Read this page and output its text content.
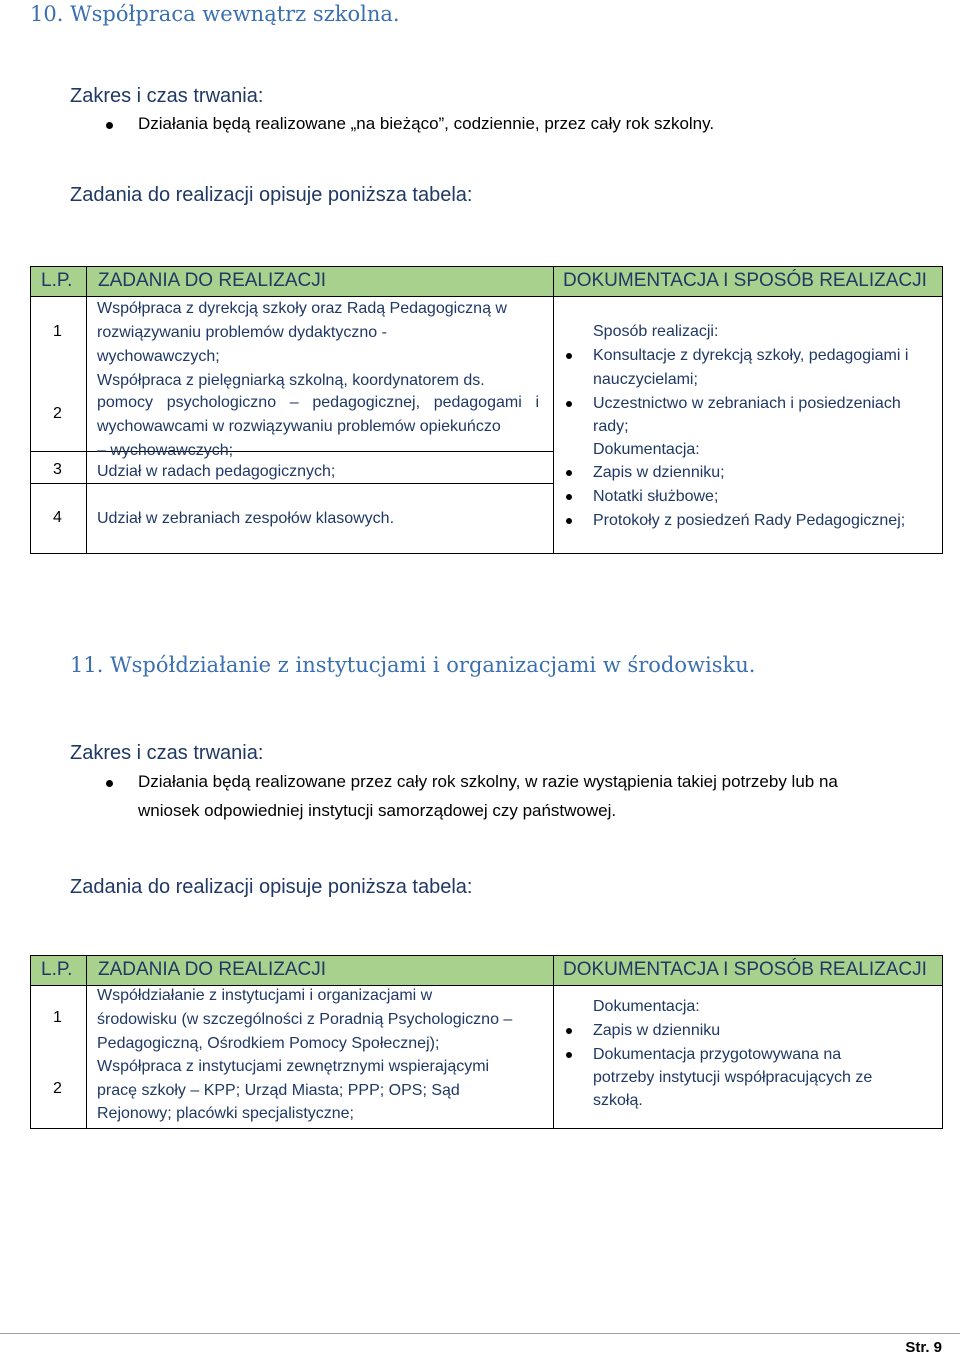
10. Współpraca wewnątrz szkolna.
Zakres i czas trwania:
Działania będą realizowane „na bieżąco”, codziennie, przez cały rok szkolny.
Zadania do realizacji opisuje poniższa tabela:
L.P. ZADANIA DO REALIZACJI	DOKUMENTACJA I SPOSÓB REALIZACJI
1
Współpraca z dyrekcją szkoły oraz Radą Pedagogiczną w
rozwiązywaniu problemów dydaktyczno -
wychowawczych;
2
Współpraca z pielęgniarką szkolną, koordynatorem ds.
pomocy psychologiczno – pedagogicznej, pedagogami i
wychowawcami w rozwiązywaniu problemów opiekuńczo
– wychowawczych;
3 Udział w radach pedagogicznych;
4 Udział w zebraniach zespołów klasowych.
Sposób realizacji:
Konsultacje z dyrekcją szkoły, pedagogiami i
nauczycielami;
Uczestnictwo w zebraniach i posiedzeniach
rady;
Dokumentacja:
Zapis w dzienniku;
Notatki służbowe;
Protokoły z posiedzeń Rady Pedagogicznej;
11. Współdziałanie z instytucjami i organizacjami w środowisku.
Zakres i czas trwania:
Działania będą realizowane przez cały rok szkolny, w razie wystąpienia takiej potrzeby lub na
wniosek odpowiedniej instytucji samorządowej czy państwowej.
Zadania do realizacji opisuje poniższa tabela:
L.P. ZADANIA DO REALIZACJI	DOKUMENTACJA I SPOSÓB REALIZACJI
1
Współdziałanie z instytucjami i organizacjami w
środowisku (w szczególności z Poradnią Psychologiczno –
Pedagogiczną, Ośrodkiem Pomocy Społecznej);
2
Współpraca z instytucjami zewnętrznymi wspierającymi
pracę szkoły – KPP; Urząd Miasta; PPP; OPS; Sąd
Rejonowy; placówki specjalistyczne;
Dokumentacja:
Zapis w dzienniku
Dokumentacja przygotowywana na
potrzeby instytucji współpracujących ze
szkołą.
Str. 9
